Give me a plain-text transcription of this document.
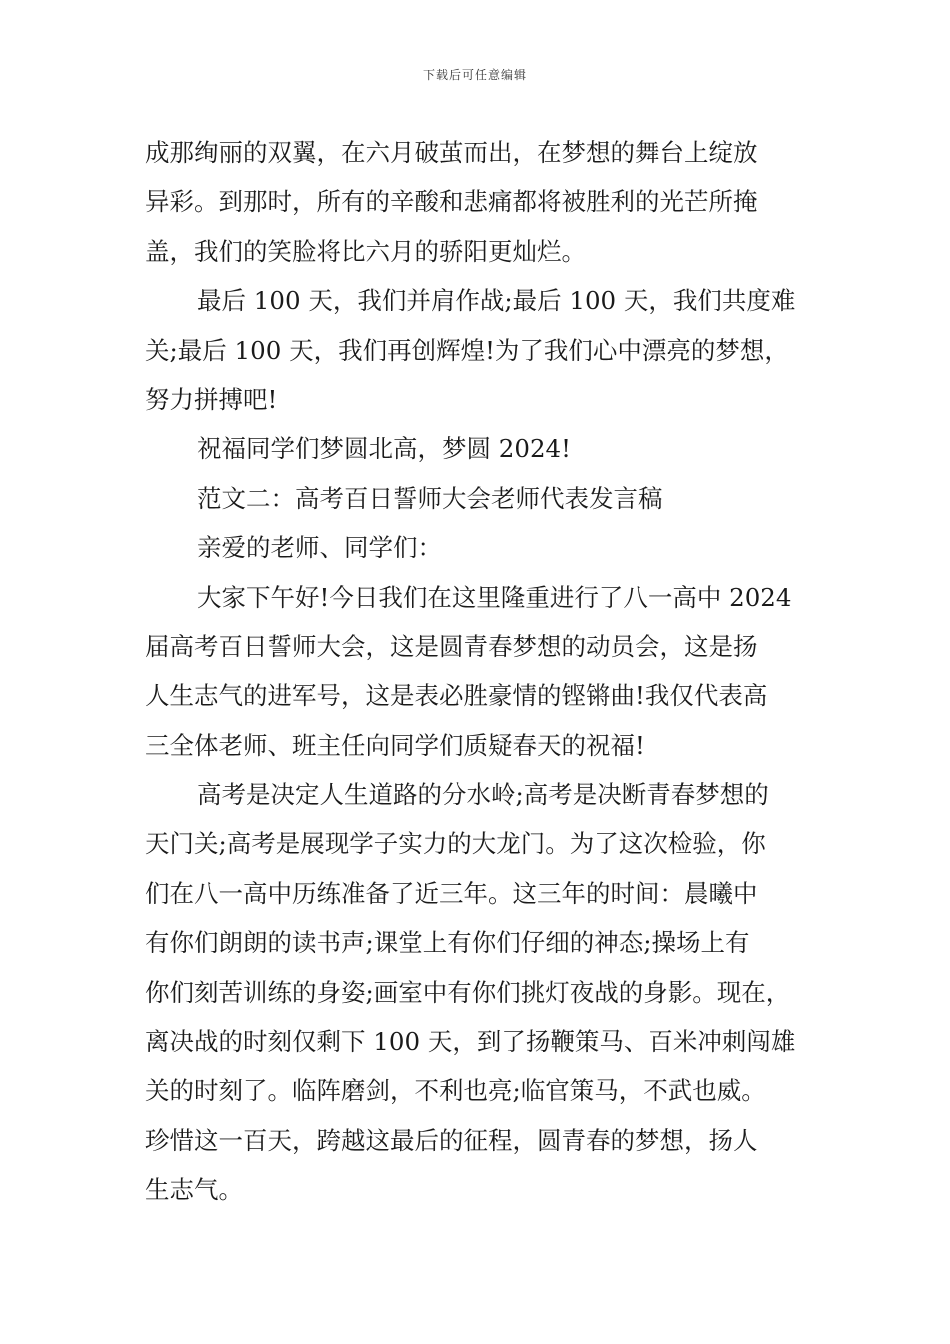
下载后可任意编辑
成那绚丽的双翼，在六月破茧而出，在梦想的舞台上绽放
异彩。到那时，所有的辛酸和悲痛都将被胜利的光芒所掩
盖，我们的笑脸将比六月的骄阳更灿烂。
最后 100 天，我们并肩作战;最后 100 天，我们共度难
关;最后 100 天，我们再创辉煌!为了我们心中漂亮的梦想，
努力拼搏吧!
祝福同学们梦圆北高，梦圆 2024!
范文二：高考百日誓师大会老师代表发言稿
亲爱的老师、同学们：
大家下午好!今日我们在这里隆重进行了八一高中 2024
届高考百日誓师大会，这是圆青春梦想的动员会，这是扬
人生志气的进军号，这是表必胜豪情的铿锵曲!我仅代表高
三全体老师、班主任向同学们质疑春天的祝福!
高考是决定人生道路的分水岭;高考是决断青春梦想的
天门关;高考是展现学子实力的大龙门。为了这次检验，你
们在八一高中历练准备了近三年。这三年的时间：晨曦中
有你们朗朗的读书声;课堂上有你们仔细的神态;操场上有
你们刻苦训练的身姿;画室中有你们挑灯夜战的身影。现在，
离决战的时刻仅剩下 100 天，到了扬鞭策马、百米冲刺闯雄
关的时刻了。临阵磨剑，不利也亮;临官策马，不武也威。
珍惜这一百天，跨越这最后的征程，圆青春的梦想，扬人
生志气。
